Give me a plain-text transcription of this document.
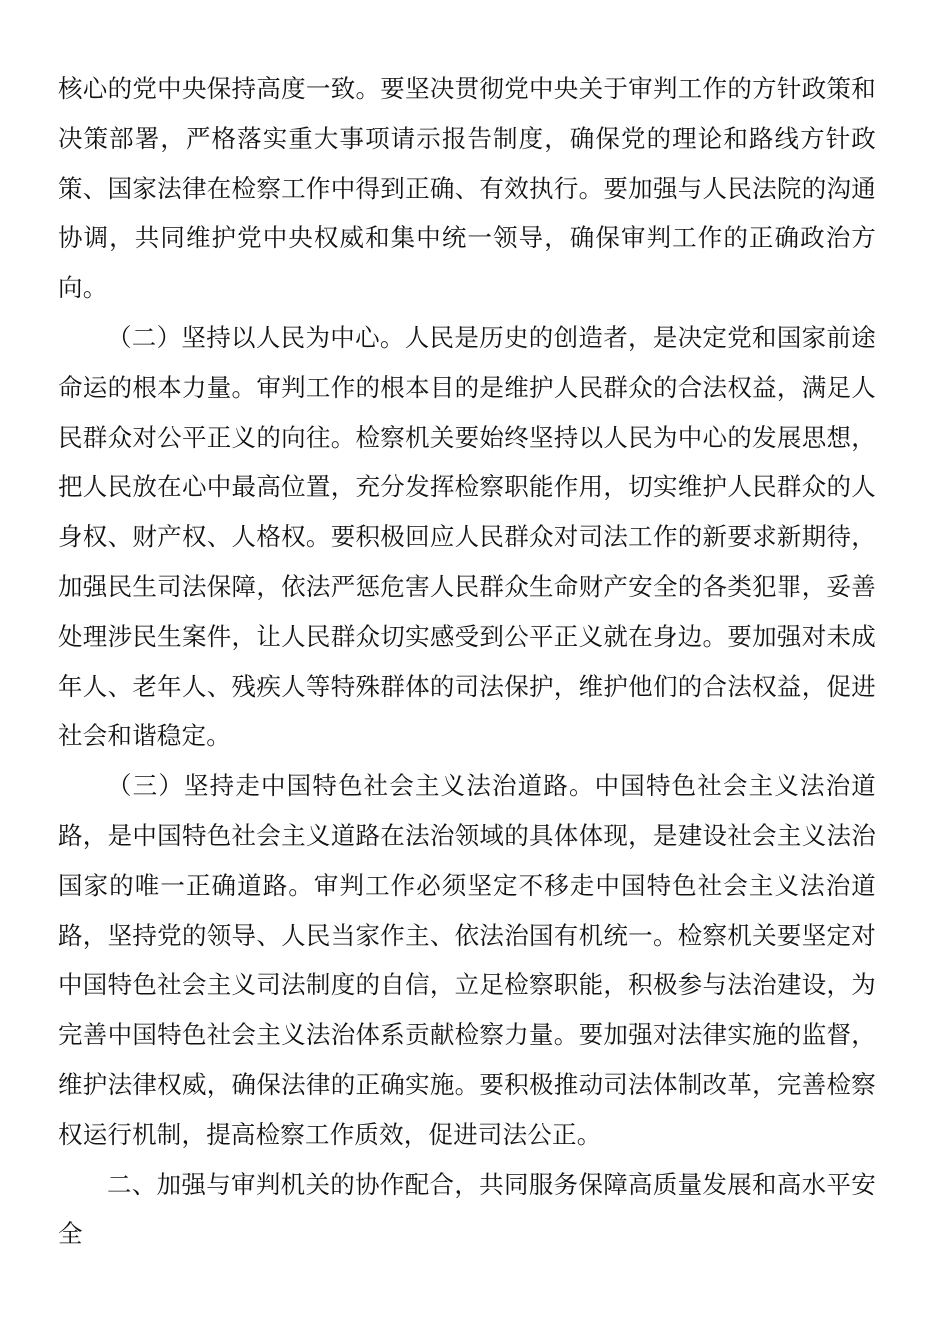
核心的党中央保持高度一致。要坚决贯彻党中央关于审判工作的方针政策和决策部署，严格落实重大事项请示报告制度，确保党的理论和路线方针政策、国家法律在检察工作中得到正确、有效执行。要加强与人民法院的沟通协调，共同维护党中央权威和集中统一领导，确保审判工作的正确政治方向。

（二）坚持以人民为中心。人民是历史的创造者，是决定党和国家前途命运的根本力量。审判工作的根本目的是维护人民群众的合法权益，满足人民群众对公平正义的向往。检察机关要始终坚持以人民为中心的发展思想，把人民放在心中最高位置，充分发挥检察职能作用，切实维护人民群众的人身权、财产权、人格权。要积极回应人民群众对司法工作的新要求新期待，加强民生司法保障，依法严惩危害人民群众生命财产安全的各类犯罪，妥善处理涉民生案件，让人民群众切实感受到公平正义就在身边。要加强对未成年人、老年人、残疾人等特殊群体的司法保护，维护他们的合法权益，促进社会和谐稳定。

（三）坚持走中国特色社会主义法治道路。中国特色社会主义法治道路，是中国特色社会主义道路在法治领域的具体体现，是建设社会主义法治国家的唯一正确道路。审判工作必须坚定不移走中国特色社会主义法治道路，坚持党的领导、人民当家作主、依法治国有机统一。检察机关要坚定对中国特色社会主义司法制度的自信，立足检察职能，积极参与法治建设，为完善中国特色社会主义法治体系贡献检察力量。要加强对法律实施的监督，维护法律权威，确保法律的正确实施。要积极推动司法体制改革，完善检察权运行机制，提高检察工作质效，促进司法公正。

二、加强与审判机关的协作配合，共同服务保障高质量发展和高水平安全
